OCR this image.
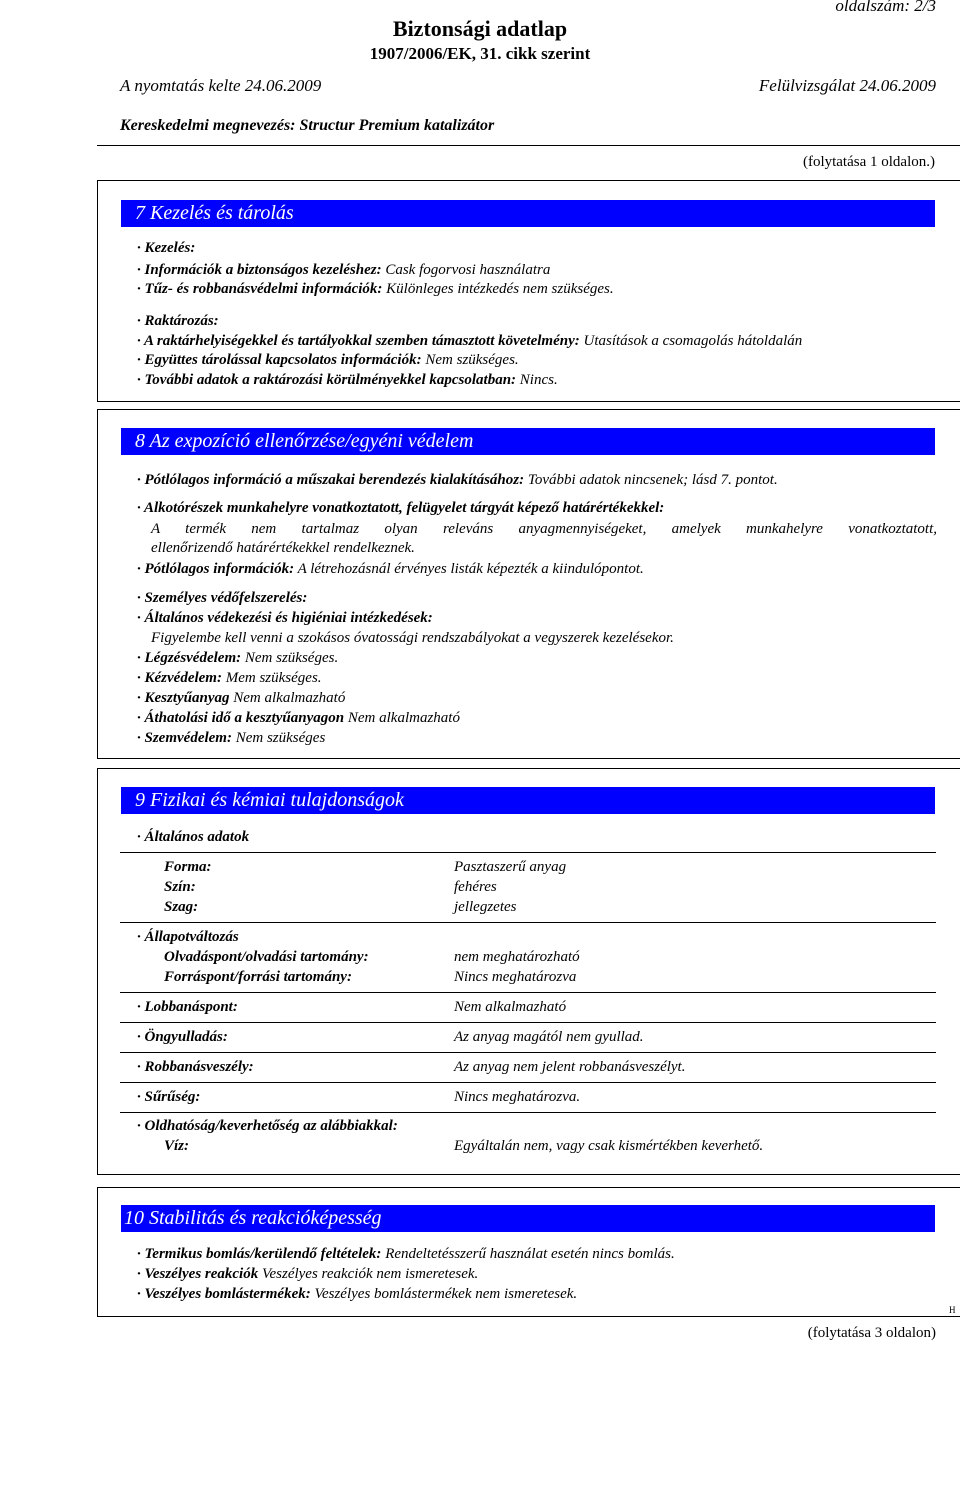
oldalszám: 2/3
Biztonsági adatlap
1907/2006/EK, 31. cikk szerint
A nyomtatás kelte 24.06.2009	Felülvizsgálat 24.06.2009
Kereskedelmi megnevezés: Structur Premium katalizátor
(folytatása 1 oldalon.)
7 Kezelés és tárolás
· Kezelés:
· Információk a biztonságos kezeléshez: Cask fogorvosi használatra
· Tűz- és robbanásvédelmi információk: Különleges intézkedés nem szükséges.
· Raktározás:
· A raktárhelyiségekkel és tartályokkal szemben támasztott követelmény: Utasítások a csomagolás hátoldalán
· Együttes tárolással kapcsolatos információk: Nem szükséges.
· További adatok a raktározási körülményekkel kapcsolatban: Nincs.
8 Az expozíció ellenőrzése/egyéni védelem
· Pótlólagos információ a műszakai berendezés kialakításához: További adatok nincsenek; lásd 7. pontot.
· Alkotórészek munkahelyre vonatkoztatott, felügyelet tárgyát képező határértékekkel:
A termék nem tartalmaz olyan releváns anyagmennyiségeket, amelyek munkahelyre vonatkoztatott,
ellenőrizendő határértékekkel rendelkeznek.
· Pótlólagos információk: A létrehozásnál érvényes listák képezték a kiindulópontot.
· Személyes védőfelszerelés:
· Általános védekezési és higiéniai intézkedések:
Figyelembe kell venni a szokásos óvatossági rendszabályokat a vegyszerek kezelésekor.
· Légzésvédelem: Nem szükséges.
· Kézvédelem: Mem szükséges.
· Kesztyűanyag Nem alkalmazható
· Áthatolási idő a kesztyűanyagon Nem alkalmazható
· Szemvédelem: Nem szükséges
9 Fizikai és kémiai tulajdonságok
· Általános adatok
Forma:	Pasztaszerű anyag
Szín:	fehéres
Szag:	jellegzetes
· Állapotváltozás
Olvadáspont/olvadási tartomány:	nem meghatározható
Forráspont/forrási tartomány:	Nincs meghatározva
· Lobbanáspont:	Nem alkalmazható
· Öngyulladás:	Az anyag magától nem gyullad.
· Robbanásveszély:	Az anyag nem jelent robbanásveszélyt.
· Sűrűség:	Nincs meghatározva.
· Oldhatóság/keverhetőség az alábbiakkal:
Víz:	Egyáltalán nem, vagy csak kismértékben keverhető.
10 Stabilitás és reakcióképesség
· Termikus bomlás/kerülendő feltételek: Rendeltetésszerű használat esetén nincs bomlás.
· Veszélyes reakciók Veszélyes reakciók nem ismeretesek.
· Veszélyes bomlástermékek: Veszélyes bomlástermékek nem ismeretesek.
H
(folytatása 3 oldalon)
